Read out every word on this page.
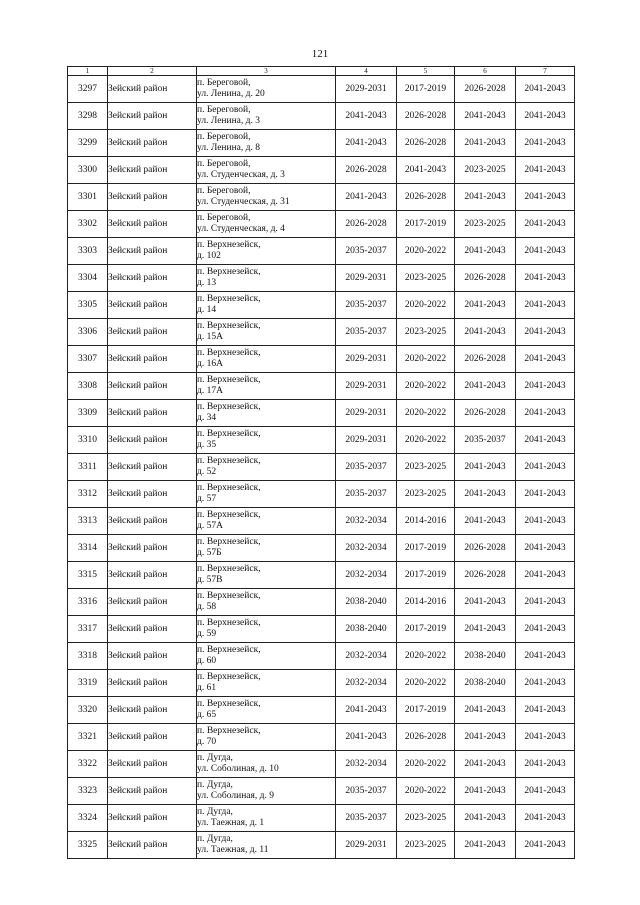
121
1	2	3	4	5	6	7
3297	Зейский район	п. Береговой,
ул. Ленина, д. 20	2029-2031	2017-2019	2026-2028	2041-2043
3298	Зейский район	п. Береговой,
ул. Ленина, д. 3	2041-2043	2026-2028	2041-2043	2041-2043
3299	Зейский район	п. Береговой,
ул. Ленина, д. 8	2041-2043	2026-2028	2041-2043	2041-2043
3300	Зейский район	п. Береговой,
ул. Студенческая, д. 3	2026-2028	2041-2043	2023-2025	2041-2043
3301	Зейский район	п. Береговой,
ул. Студенческая, д. 31	2041-2043	2026-2028	2041-2043	2041-2043
3302	Зейский район	п. Береговой,
ул. Студенческая, д. 4	2026-2028	2017-2019	2023-2025	2041-2043
3303	Зейский район	п. Верхнезейск,
д. 102	2035-2037	2020-2022	2041-2043	2041-2043
3304	Зейский район	п. Верхнезейск,
д. 13	2029-2031	2023-2025	2026-2028	2041-2043
3305	Зейский район	п. Верхнезейск,
д. 14	2035-2037	2020-2022	2041-2043	2041-2043
3306	Зейский район	п. Верхнезейск,
д. 15А	2035-2037	2023-2025	2041-2043	2041-2043
3307	Зейский район	п. Верхнезейск,
д. 16А	2029-2031	2020-2022	2026-2028	2041-2043
3308	Зейский район	п. Верхнезейск,
д. 17А	2029-2031	2020-2022	2041-2043	2041-2043
3309	Зейский район	п. Верхнезейск,
д. 34	2029-2031	2020-2022	2026-2028	2041-2043
3310	Зейский район	п. Верхнезейск,
д. 35	2029-2031	2020-2022	2035-2037	2041-2043
3311	Зейский район	п. Верхнезейск,
д. 52	2035-2037	2023-2025	2041-2043	2041-2043
3312	Зейский район	п. Верхнезейск,
д. 57	2035-2037	2023-2025	2041-2043	2041-2043
3313	Зейский район	п. Верхнезейск,
д. 57А	2032-2034	2014-2016	2041-2043	2041-2043
3314	Зейский район	п. Верхнезейск,
д. 57Б	2032-2034	2017-2019	2026-2028	2041-2043
3315	Зейский район	п. Верхнезейск,
д. 57В	2032-2034	2017-2019	2026-2028	2041-2043
3316	Зейский район	п. Верхнезейск,
д. 58	2038-2040	2014-2016	2041-2043	2041-2043
3317	Зейский район	п. Верхнезейск,
д. 59	2038-2040	2017-2019	2041-2043	2041-2043
3318	Зейский район	п. Верхнезейск,
д. 60	2032-2034	2020-2022	2038-2040	2041-2043
3319	Зейский район	п. Верхнезейск,
д. 61	2032-2034	2020-2022	2038-2040	2041-2043
3320	Зейский район	п. Верхнезейск,
д. 65	2041-2043	2017-2019	2041-2043	2041-2043
3321	Зейский район	п. Верхнезейск,
д. 70	2041-2043	2026-2028	2041-2043	2041-2043
3322	Зейский район	п. Дугда,
ул. Соболиная, д. 10	2032-2034	2020-2022	2041-2043	2041-2043
3323	Зейский район	п. Дугда,
ул. Соболиная, д. 9	2035-2037	2020-2022	2041-2043	2041-2043
3324	Зейский район	п. Дугда,
ул. Таежная, д. 1	2035-2037	2023-2025	2041-2043	2041-2043
3325	Зейский район	п. Дугда,
ул. Таежная, д. 11	2029-2031	2023-2025	2041-2043	2041-2043
